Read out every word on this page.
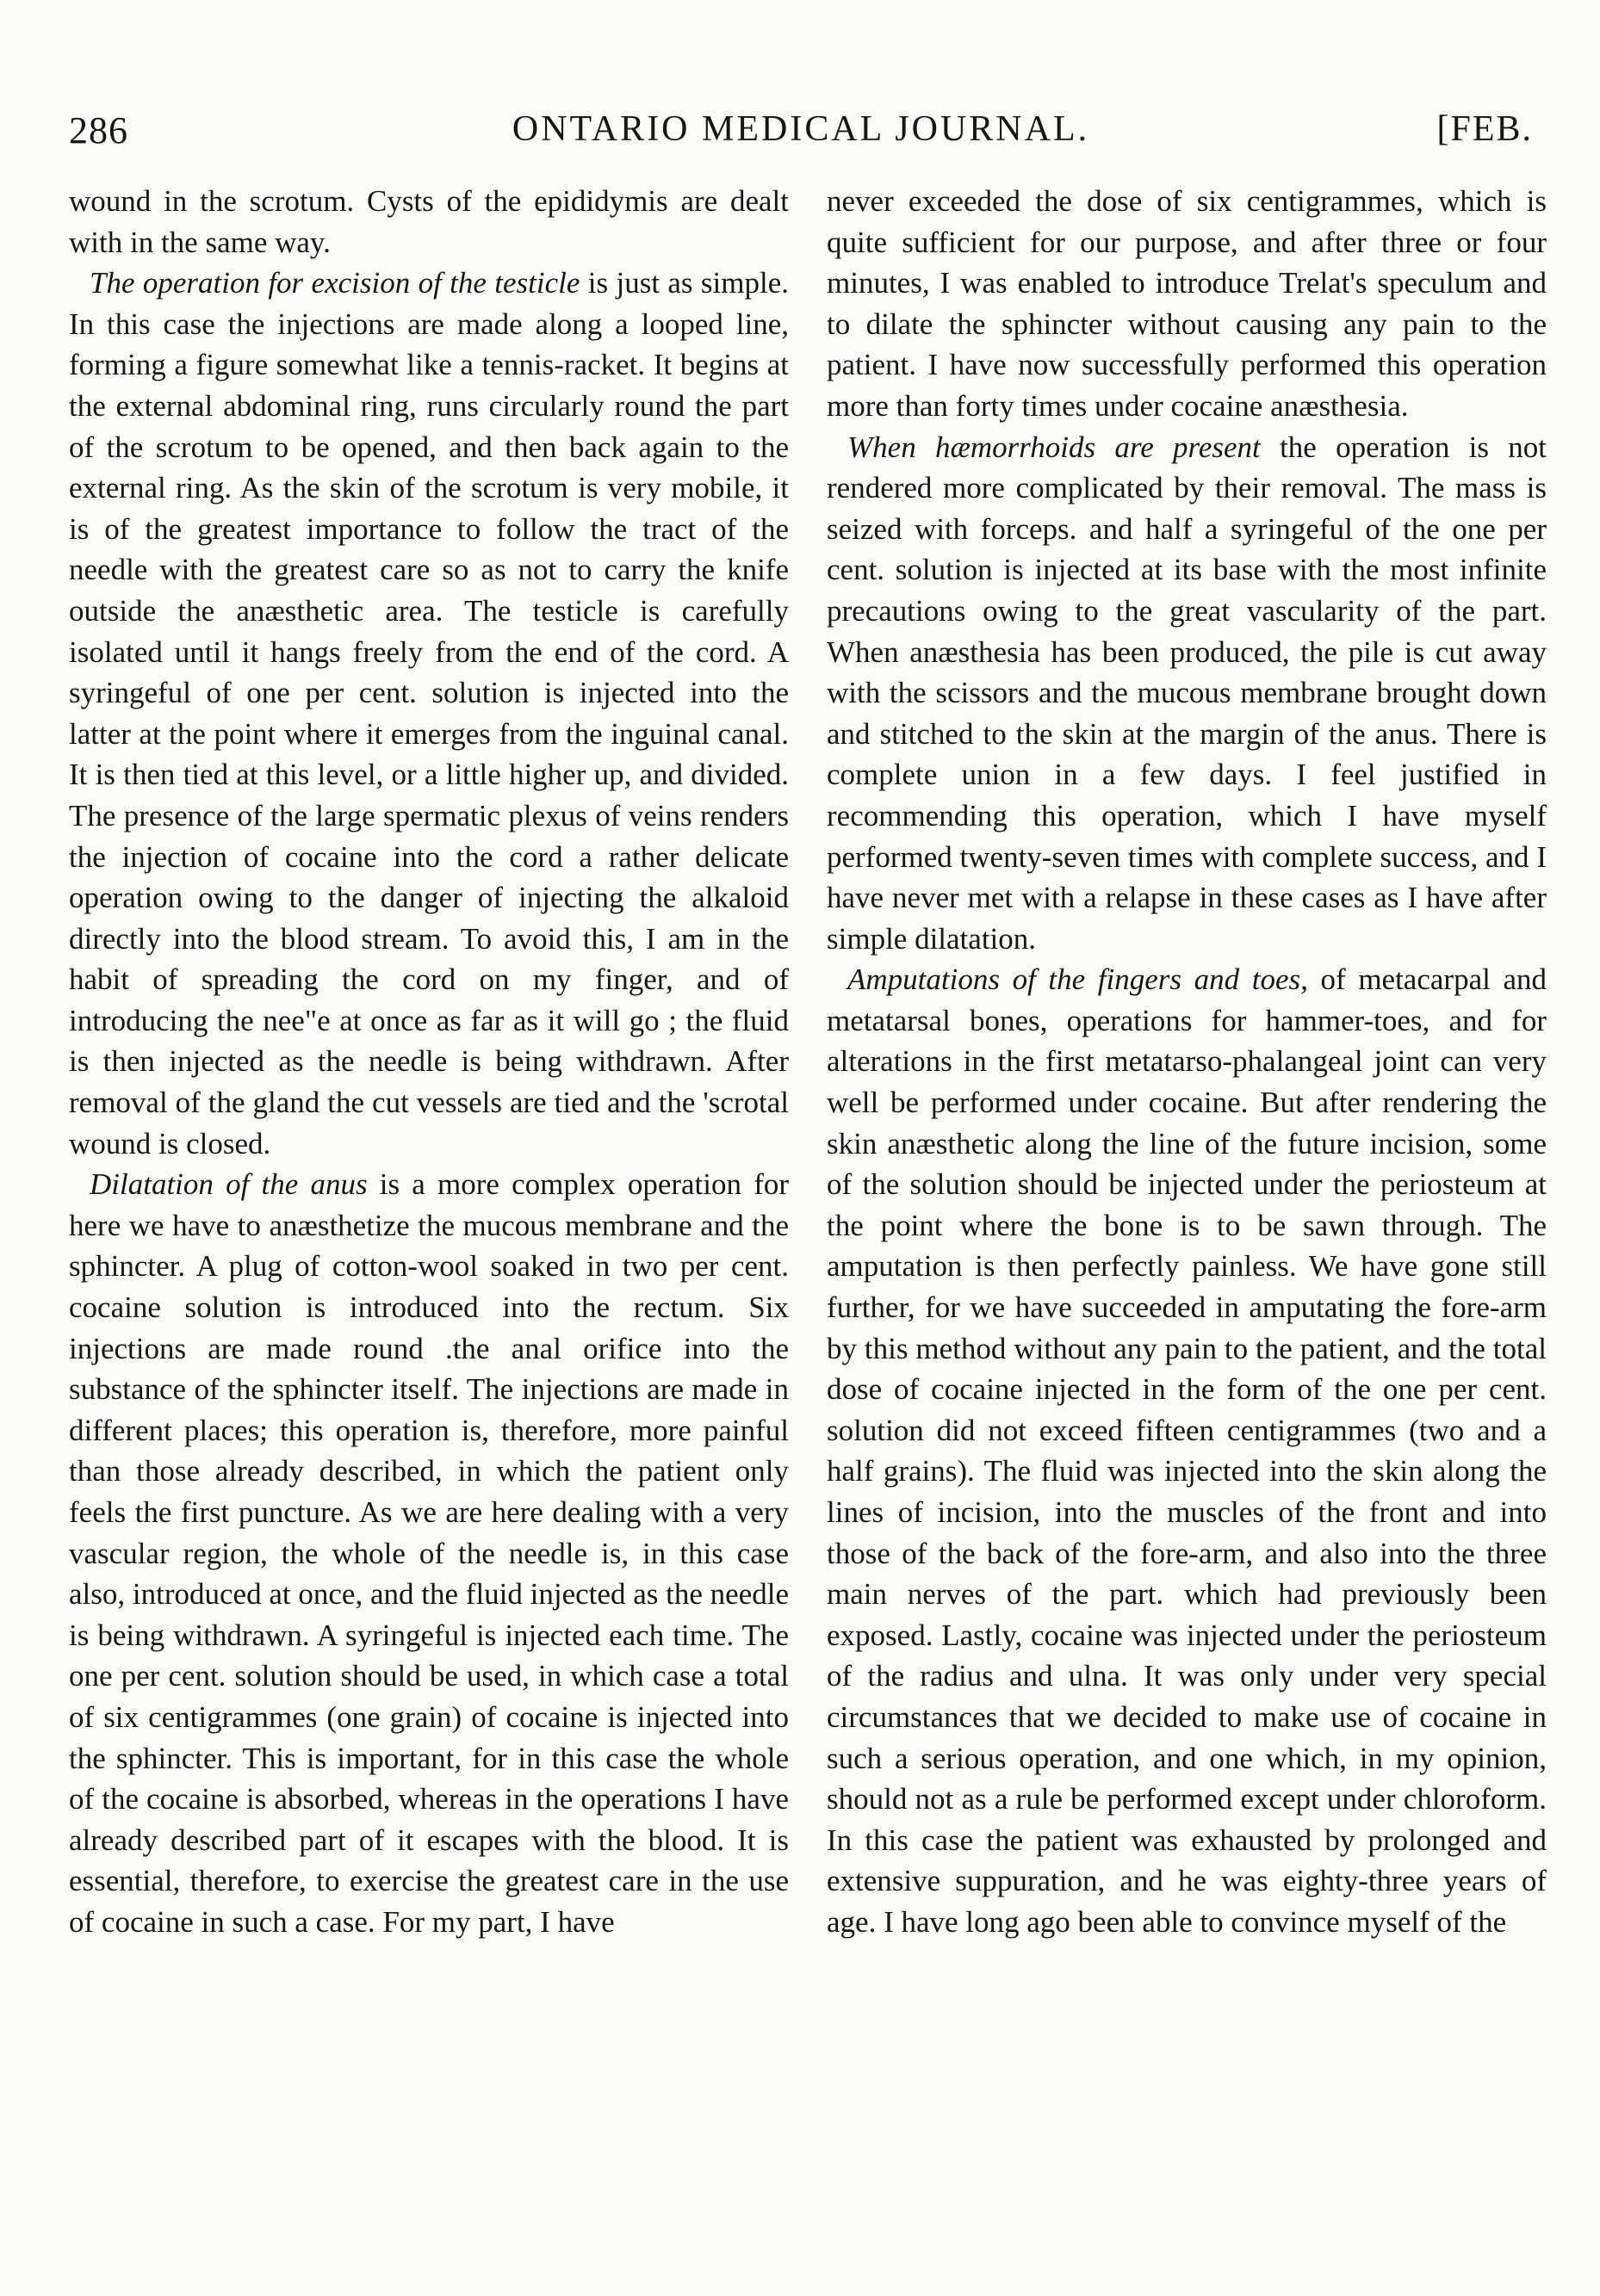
286	ONTARIO MEDICAL JOURNAL.	[FEB.

wound in the scrotum. Cysts of the epididymis are dealt with in the same way.

The operation for excision of the testicle is just as simple. In this case the injections are made along a looped line, forming a figure somewhat like a tennis-racket. It begins at the external abdominal ring, runs circularly round the part of the scrotum to be opened, and then back again to the external ring. As the skin of the scrotum is very mobile, it is of the greatest importance to follow the tract of the needle with the greatest care so as not to carry the knife outside the anæsthetic area. The testicle is carefully isolated until it hangs freely from the end of the cord. A syringeful of one per cent. solution is injected into the latter at the point where it emerges from the inguinal canal. It is then tied at this level, or a little higher up, and divided. The presence of the large spermatic plexus of veins renders the injection of cocaine into the cord a rather delicate operation owing to the danger of injecting the alkaloid directly into the blood stream. To avoid this, I am in the habit of spreading the cord on my finger, and of introducing the nee"e at once as far as it will go ; the fluid is then injected as the needle is being withdrawn. After removal of the gland the cut vessels are tied and the 'scrotal wound is closed.

Dilatation of the anus is a more complex operation for here we have to anæsthetize the mucous membrane and the sphincter. A plug of cotton-wool soaked in two per cent. cocaine solution is introduced into the rectum. Six injections are made round .the anal orifice into the substance of the sphincter itself. The injections are made in different places; this operation is, therefore, more painful than those already described, in which the patient only feels the first puncture. As we are here dealing with a very vascular region, the whole of the needle is, in this case also, introduced at once, and the fluid injected as the needle is being withdrawn. A syringeful is injected each time. The one per cent. solution should be used, in which case a total of six centigrammes (one grain) of cocaine is injected into the sphincter. This is important, for in this case the whole of the cocaine is absorbed, whereas in the operations I have already described part of it escapes with the blood. It is essential, therefore, to exercise the greatest care in the use of cocaine in such a case. For my part, I have

never exceeded the dose of six centigrammes, which is quite sufficient for our purpose, and after three or four minutes, I was enabled to introduce Trelat's speculum and to dilate the sphincter without causing any pain to the patient. I have now successfully performed this operation more than forty times under cocaine anæsthesia.

When hæmorrhoids are present the operation is not rendered more complicated by their removal. The mass is seized with forceps. and half a syringeful of the one per cent. solution is injected at its base with the most infinite precautions owing to the great vascularity of the part. When anæsthesia has been produced, the pile is cut away with the scissors and the mucous membrane brought down and stitched to the skin at the margin of the anus. There is complete union in a few days. I feel justified in recommending this operation, which I have myself performed twenty-seven times with complete success, and I have never met with a relapse in these cases as I have after simple dilatation.

Amputations of the fingers and toes, of metacarpal and metatarsal bones, operations for hammer-toes, and for alterations in the first metatarso-phalangeal joint can very well be performed under cocaine. But after rendering the skin anæsthetic along the line of the future incision, some of the solution should be injected under the periosteum at the point where the bone is to be sawn through. The amputation is then perfectly painless. We have gone still further, for we have succeeded in amputating the fore-arm by this method without any pain to the patient, and the total dose of cocaine injected in the form of the one per cent. solution did not exceed fifteen centigrammes (two and a half grains). The fluid was injected into the skin along the lines of incision, into the muscles of the front and into those of the back of the fore-arm, and also into the three main nerves of the part. which had previously been exposed. Lastly, cocaine was injected under the periosteum of the radius and ulna. It was only under very special circumstances that we decided to make use of cocaine in such a serious operation, and one which, in my opinion, should not as a rule be performed except under chloroform. In this case the patient was exhausted by prolonged and extensive suppuration, and he was eighty-three years of age. I have long ago been able to convince myself of the
